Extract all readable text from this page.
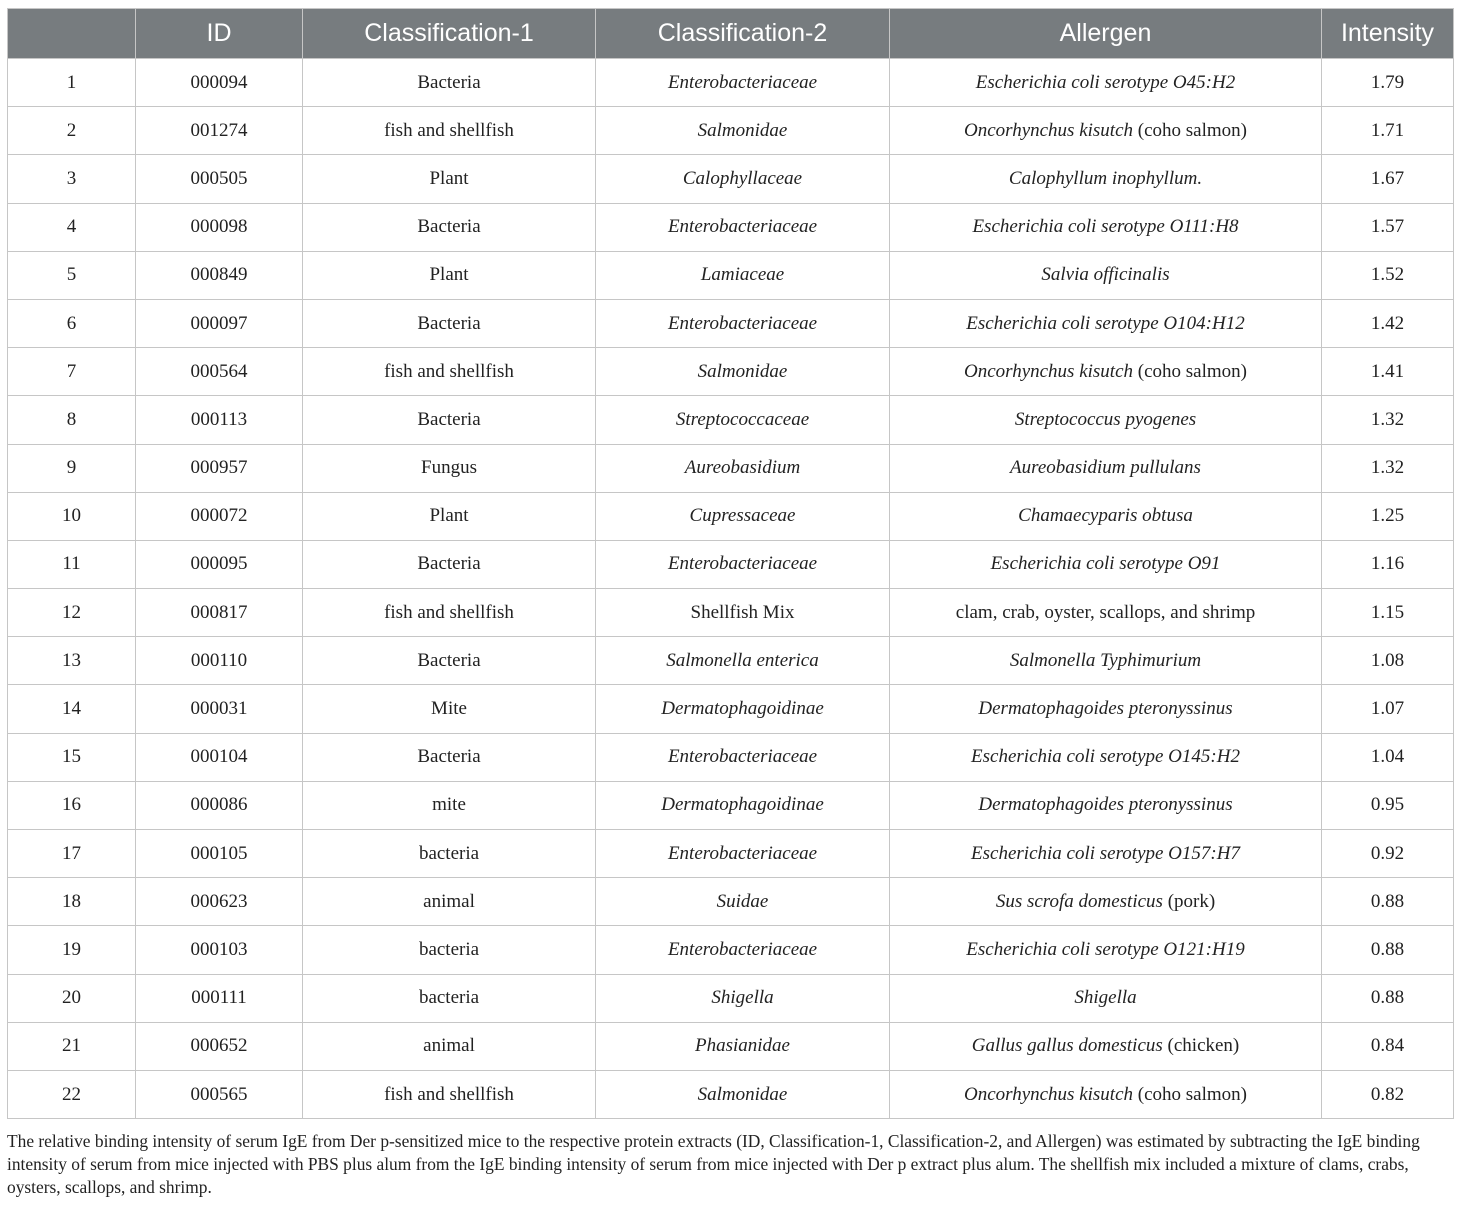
	ID	Classification-1	Classification-2	Allergen	Intensity
1	000094	Bacteria	Enterobacteriaceae	Escherichia coli serotype O45:H2	1.79
2	001274	fish and shellfish	Salmonidae	Oncorhynchus kisutch (coho salmon)	1.71
3	000505	Plant	Calophyllaceae	Calophyllum inophyllum.	1.67
4	000098	Bacteria	Enterobacteriaceae	Escherichia coli serotype O111:H8	1.57
5	000849	Plant	Lamiaceae	Salvia officinalis	1.52
6	000097	Bacteria	Enterobacteriaceae	Escherichia coli serotype O104:H12	1.42
7	000564	fish and shellfish	Salmonidae	Oncorhynchus kisutch (coho salmon)	1.41
8	000113	Bacteria	Streptococcaceae	Streptococcus pyogenes	1.32
9	000957	Fungus	Aureobasidium	Aureobasidium pullulans	1.32
10	000072	Plant	Cupressaceae	Chamaecyparis obtusa	1.25
11	000095	Bacteria	Enterobacteriaceae	Escherichia coli serotype O91	1.16
12	000817	fish and shellfish	Shellfish Mix	clam, crab, oyster, scallops, and shrimp	1.15
13	000110	Bacteria	Salmonella enterica	Salmonella Typhimurium	1.08
14	000031	Mite	Dermatophagoidinae	Dermatophagoides pteronyssinus	1.07
15	000104	Bacteria	Enterobacteriaceae	Escherichia coli serotype O145:H2	1.04
16	000086	mite	Dermatophagoidinae	Dermatophagoides pteronyssinus	0.95
17	000105	bacteria	Enterobacteriaceae	Escherichia coli serotype O157:H7	0.92
18	000623	animal	Suidae	Sus scrofa domesticus (pork)	0.88
19	000103	bacteria	Enterobacteriaceae	Escherichia coli serotype O121:H19	0.88
20	000111	bacteria	Shigella	Shigella	0.88
21	000652	animal	Phasianidae	Gallus gallus domesticus (chicken)	0.84
22	000565	fish and shellfish	Salmonidae	Oncorhynchus kisutch (coho salmon)	0.82
The relative binding intensity of serum IgE from Der p-sensitized mice to the respective protein extracts (ID, Classification-1, Classification-2, and Allergen) was estimated by subtracting the IgE binding intensity of serum from mice injected with PBS plus alum from the IgE binding intensity of serum from mice injected with Der p extract plus alum. The shellfish mix included a mixture of clams, crabs, oysters, scallops, and shrimp.
